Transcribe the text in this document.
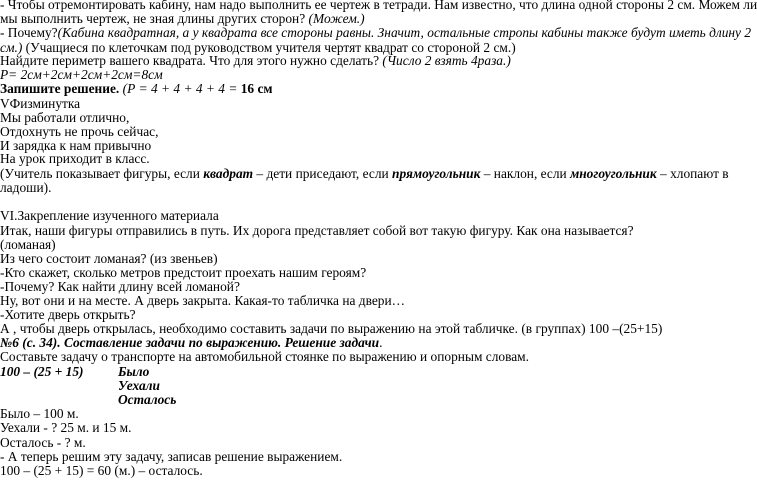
- Чтобы отремонтировать кабину, нам надо выполнить ее чертеж в тетради. Нам известно, что длина одной стороны 2 см. Можем ли
мы выполнить чертеж, не зная длины других сторон? (Можем.)
- Почему?(Кабина квадратная, а у квадрата все стороны равны. Значит, остальные стропы кабины также будут иметь длину 2
см.) (Учащиеся по клеточкам под руководством учителя чертят квадрат со стороной 2 см.)
Найдите периметр вашего квадрата. Что для этого нужно сделать? (Число 2 взять 4раза.)
Р= 2см+2см+2см+2см=8см
Запишите решение. (Р = 4 + 4 + 4 + 4 = 16 см
VФизминутка
Мы работали отлично,
Отдохнуть не прочь сейчас,
И зарядка к нам привычно
На урок приходит в класс.
(Учитель показывает фигуры, если квадрат – дети приседают, если прямоугольник – наклон, если многоугольник – хлопают в
ладоши).
VI.Закрепление изученного материала
Итак, наши фигуры отправились в путь. Их дорога представляет собой вот такую фигуру. Как она называется?
(ломаная)
Из чего состоит ломаная? (из звеньев)
-Кто скажет, сколько метров предстоит проехать нашим героям?
-Почему? Как найти длину всей ломаной?
Ну, вот они и на месте. А дверь закрыта. Какая-то табличка на двери…
-Хотите дверь открыть?
А , чтобы дверь открылась, необходимо составить задачи по выражению на этой табличке. (в группах) 100 –(25+15)
№6 (с. 34). Составление задачи по выражению. Решение задачи.
Составьте задачу о транспорте на автомобильной стоянке по выражению и опорным словам.
100 – (25 + 15)	Было
Уехали
Осталось
Было – 100 м.
Уехали - ? 25 м. и 15 м.
Осталось - ? м.
- А теперь решим эту задачу, записав решение выражением.
100 – (25 + 15) = 60 (м.) – осталось.
